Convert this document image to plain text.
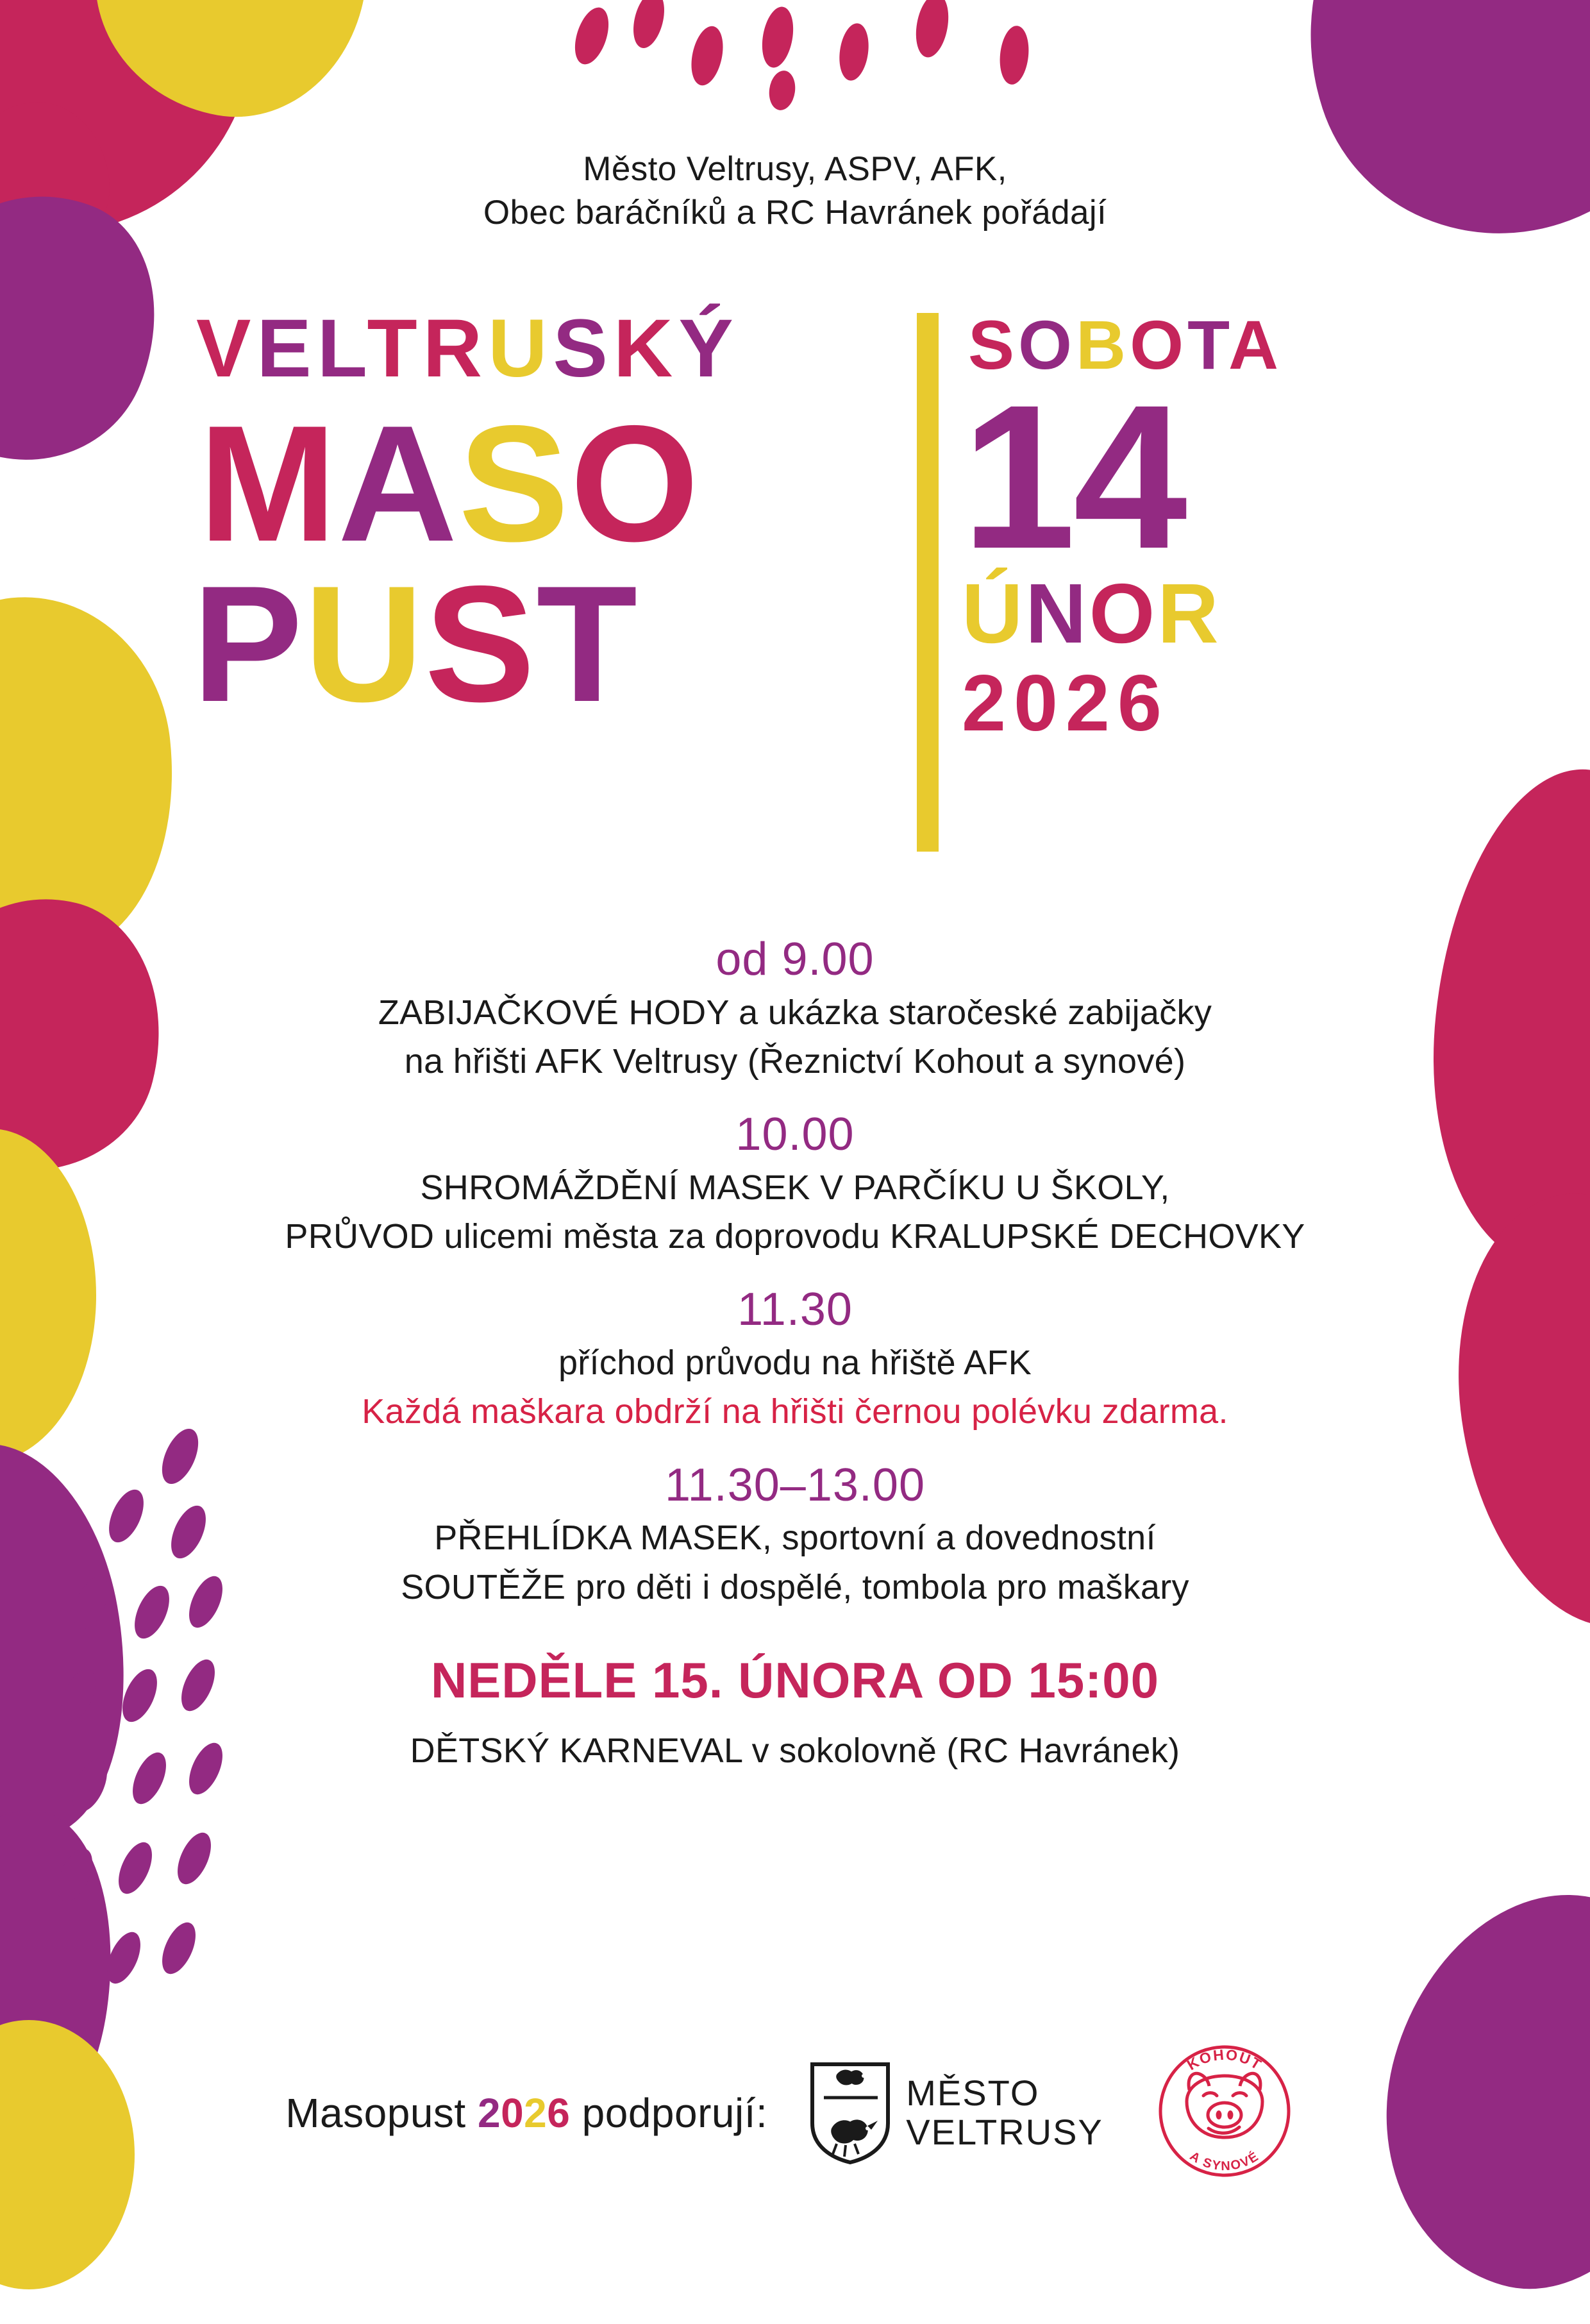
Město Veltrusy, ASPV, AFK,
Obec baráčníků a RC Havránek pořádají
VELTRUSKÝ
MASO
PUST
SOBOTA
14
ÚNOR
2026
od 9.00
ZABIJAČKOVÉ HODY a ukázka staročeské zabijačky
na hřišti AFK Veltrusy (Řeznictví Kohout a synové)
10.00
SHROMÁŽDĚNÍ MASEK V PARČÍKU U ŠKOLY,
PRŮVOD ulicemi města za doprovodu KRALUPSKÉ DECHOVKY
11.30
příchod průvodu na hřiště AFK
Každá maškara obdrží na hřišti černou polévku zdarma.
11.30–13.00
PŘEHLÍDKA MASEK, sportovní a dovednostní
SOUTĚŽE pro děti i dospělé, tombola pro maškary
NEDĚLE 15. ÚNORA OD 15:00
DĚTSKÝ KARNEVAL v sokolovně (RC Havránek)
Masopust 2026 podporují:	MĚSTO
VELTRUSY
KOHOUT
A SYNOVÉ
